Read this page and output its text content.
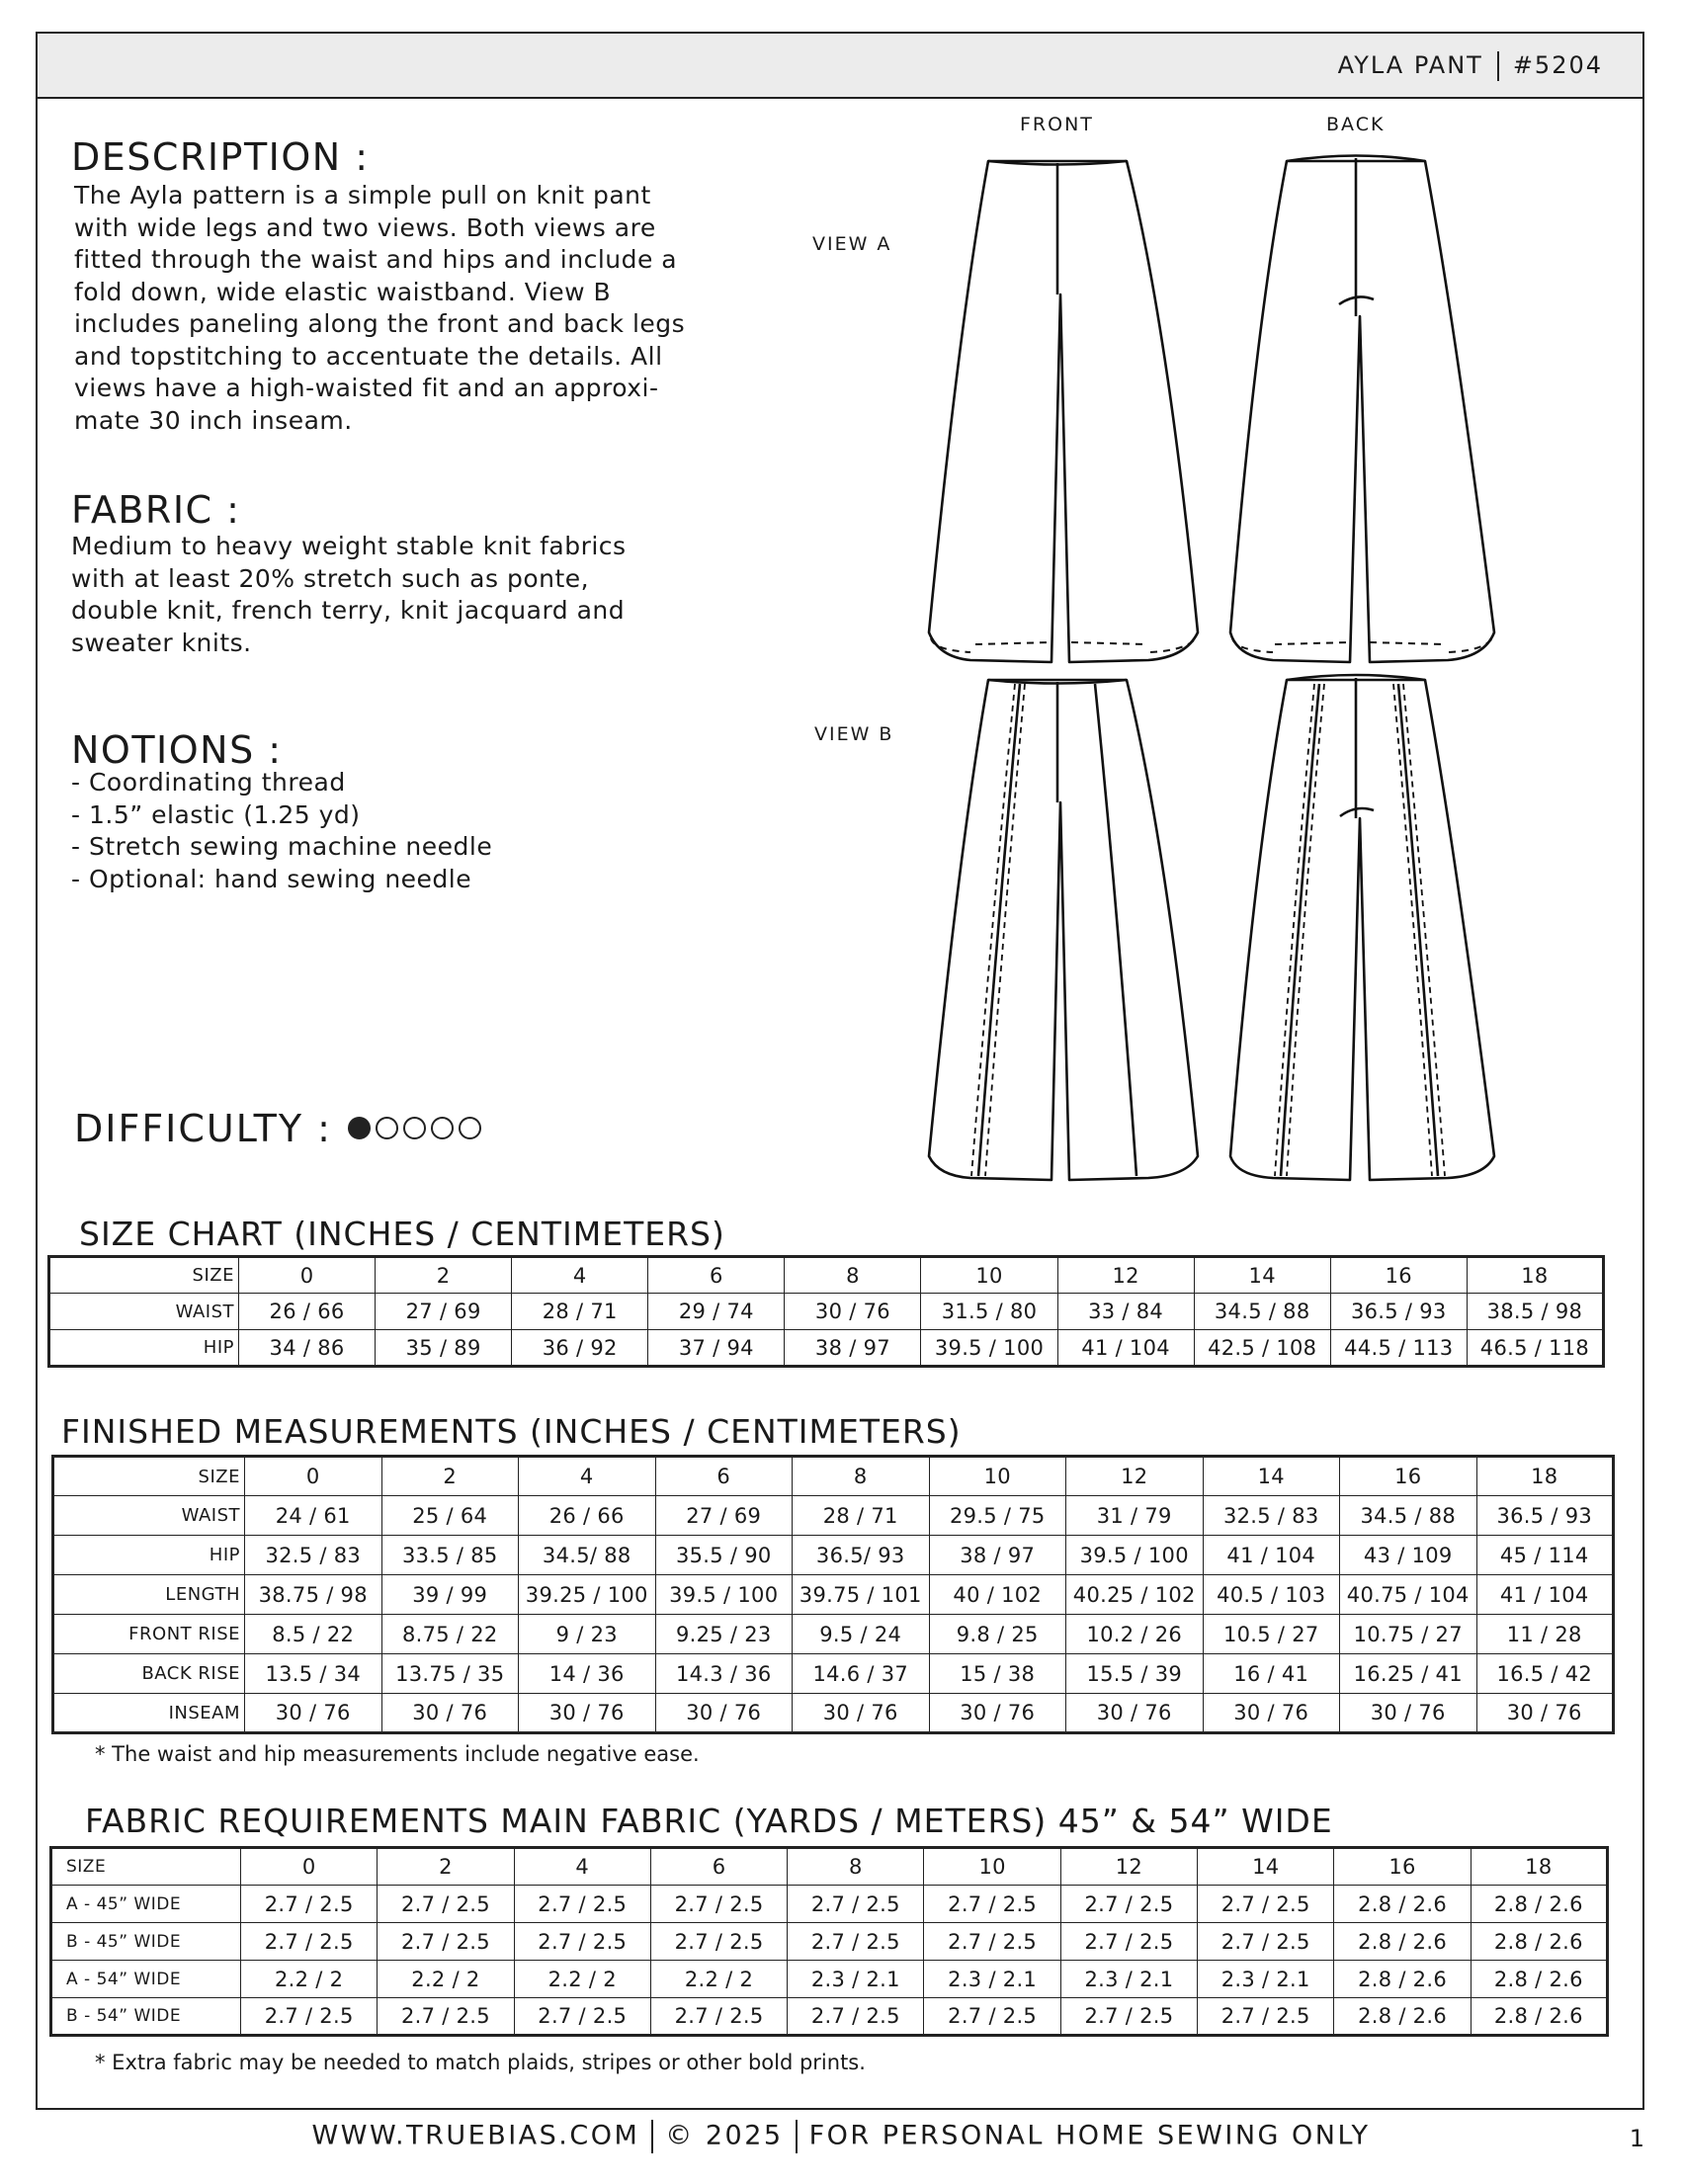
AYLA PANT #5204
DESCRIPTION :
The Ayla pattern is a simple pull on knit pant
with wide legs and two views. Both views are
fitted through the waist and hips and include a
fold down, wide elastic waistband. View B
includes paneling along the front and back legs
and topstitching to accentuate the details. All
views have a high-waisted fit and an approxi-
mate 30 inch inseam.
FABRIC :
Medium to heavy weight stable knit fabrics
with at least 20% stretch such as ponte,
double knit, french terry, knit jacquard and
sweater knits.
NOTIONS :
- Coordinating thread
- 1.5” elastic (1.25 yd)
- Stretch sewing machine needle
- Optional: hand sewing needle
FRONT	BACK
VIEW A
VIEW B
DIFFICULTY :
SIZE CHART (INCHES / CENTIMETERS)
SIZE	0	2	4	6	8	10	12	14	16	18
WAIST	26 / 66	27 / 69	28 / 71	29 / 74	30 / 76	31.5 / 80	33 / 84	34.5 / 88	36.5 / 93	38.5 / 98
HIP	34 / 86	35 / 89	36 / 92	37 / 94	38 / 97	39.5 / 100	41 / 104	42.5 / 108	44.5 / 113	46.5 / 118
FINISHED MEASUREMENTS (INCHES / CENTIMETERS)
SIZE	0	2	4	6	8	10	12	14	16	18
WAIST	24 / 61	25 / 64	26 / 66	27 / 69	28 / 71	29.5 / 75	31 / 79	32.5 / 83	34.5 / 88	36.5 / 93
HIP	32.5 / 83	33.5 / 85	34.5/ 88	35.5 / 90	36.5/ 93	38 / 97	39.5 / 100	41 / 104	43 / 109	45 / 114
LENGTH	38.75 / 98	39 / 99	39.25 / 100	39.5 / 100	39.75 / 101	40 / 102	40.25 / 102	40.5 / 103	40.75 / 104	41 / 104
FRONT RISE	8.5 / 22	8.75 / 22	9 / 23	9.25 / 23	9.5 / 24	9.8 / 25	10.2 / 26	10.5 / 27	10.75 / 27	11 / 28
BACK RISE	13.5 / 34	13.75 / 35	14 / 36	14.3 / 36	14.6 / 37	15 / 38	15.5 / 39	16 / 41	16.25 / 41	16.5 / 42
INSEAM	30 / 76	30 / 76	30 / 76	30 / 76	30 / 76	30 / 76	30 / 76	30 / 76	30 / 76	30 / 76
* The waist and hip measurements include negative ease.
FABRIC REQUIREMENTS MAIN FABRIC (YARDS / METERS) 45” & 54” WIDE
SIZE	0	2	4	6	8	10	12	14	16	18
A - 45” WIDE	2.7 / 2.5	2.7 / 2.5	2.7 / 2.5	2.7 / 2.5	2.7 / 2.5	2.7 / 2.5	2.7 / 2.5	2.7 / 2.5	2.8 / 2.6	2.8 / 2.6
B - 45” WIDE	2.7 / 2.5	2.7 / 2.5	2.7 / 2.5	2.7 / 2.5	2.7 / 2.5	2.7 / 2.5	2.7 / 2.5	2.7 / 2.5	2.8 / 2.6	2.8 / 2.6
A - 54” WIDE	2.2 / 2	2.2 / 2	2.2 / 2	2.2 / 2	2.3 / 2.1	2.3 / 2.1	2.3 / 2.1	2.3 / 2.1	2.8 / 2.6	2.8 / 2.6
B - 54” WIDE	2.7 / 2.5	2.7 / 2.5	2.7 / 2.5	2.7 / 2.5	2.7 / 2.5	2.7 / 2.5	2.7 / 2.5	2.7 / 2.5	2.8 / 2.6	2.8 / 2.6
* Extra fabric may be needed to match plaids, stripes or other bold prints.
WWW.TRUEBIAS.COM © 2025 FOR PERSONAL HOME SEWING ONLY	1
